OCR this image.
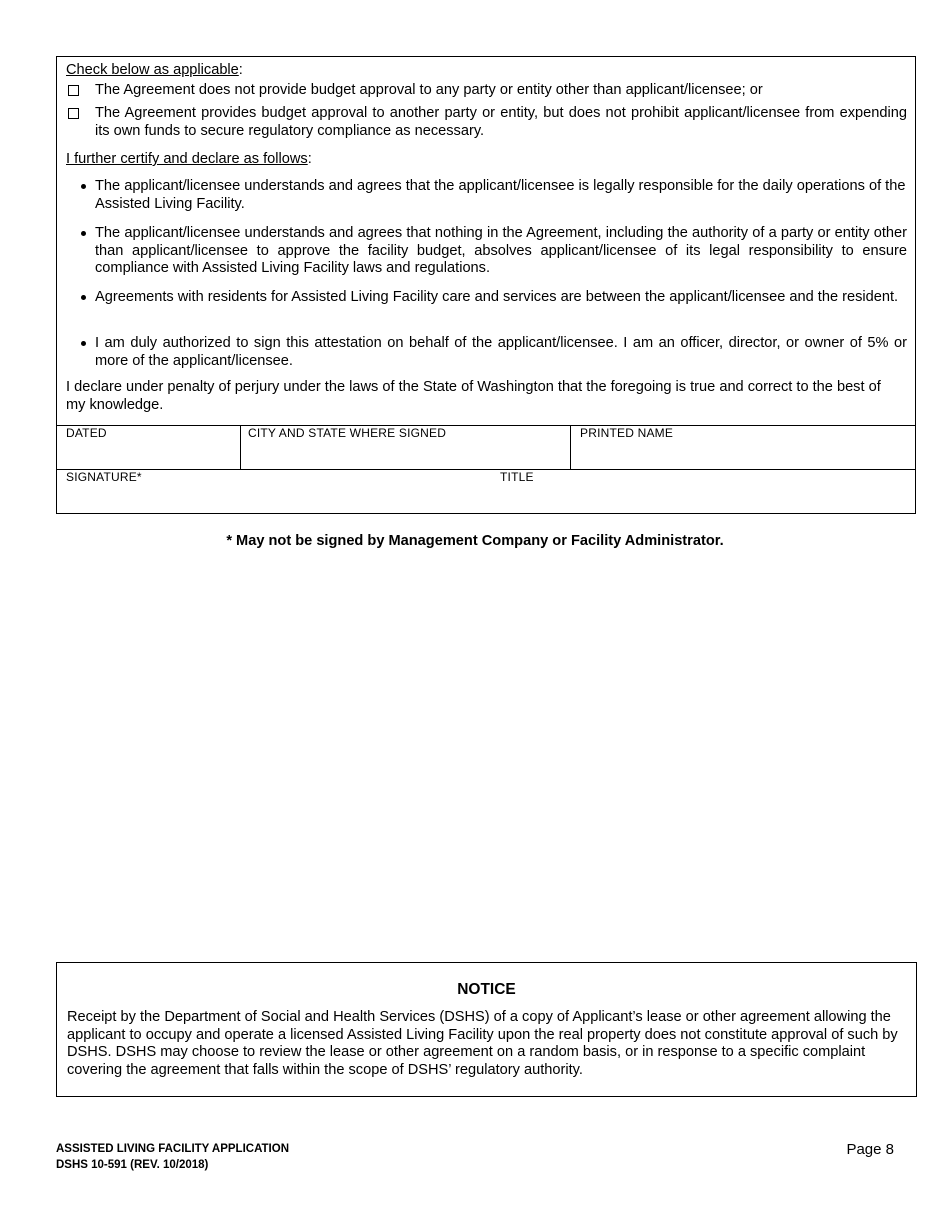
Check below as applicable:
The Agreement does not provide budget approval to any party or entity other than applicant/licensee; or
The Agreement provides budget approval to another party or entity, but does not prohibit applicant/licensee from expending its own funds to secure regulatory compliance as necessary.
I further certify and declare as follows:
The applicant/licensee understands and agrees that the applicant/licensee is legally responsible for the daily operations of the Assisted Living Facility.
The applicant/licensee understands and agrees that nothing in the Agreement, including the authority of a party or entity other than applicant/licensee to approve the facility budget, absolves applicant/licensee of its legal responsibility to ensure compliance with Assisted Living Facility laws and regulations.
Agreements with residents for Assisted Living Facility care and services are between the applicant/licensee and the resident.
I am duly authorized to sign this attestation on behalf of the applicant/licensee. I am an officer, director, or owner of 5% or more of the applicant/licensee.
I declare under penalty of perjury under the laws of the State of Washington that the foregoing is true and correct to the best of my knowledge.
DATED	CITY AND STATE WHERE SIGNED	PRINTED NAME
SIGNATURE*	TITLE
* May not be signed by Management Company or Facility Administrator.
NOTICE
Receipt by the Department of Social and Health Services (DSHS) of a copy of Applicant’s lease or other agreement allowing the applicant to occupy and operate a licensed Assisted Living Facility upon the real property does not constitute approval of such by DSHS. DSHS may choose to review the lease or other agreement on a random basis, or in response to a specific complaint covering the agreement that falls within the scope of DSHS’ regulatory authority.
ASSISTED LIVING FACILITY APPLICATION
DSHS 10-591 (REV. 10/2018)
Page 8
